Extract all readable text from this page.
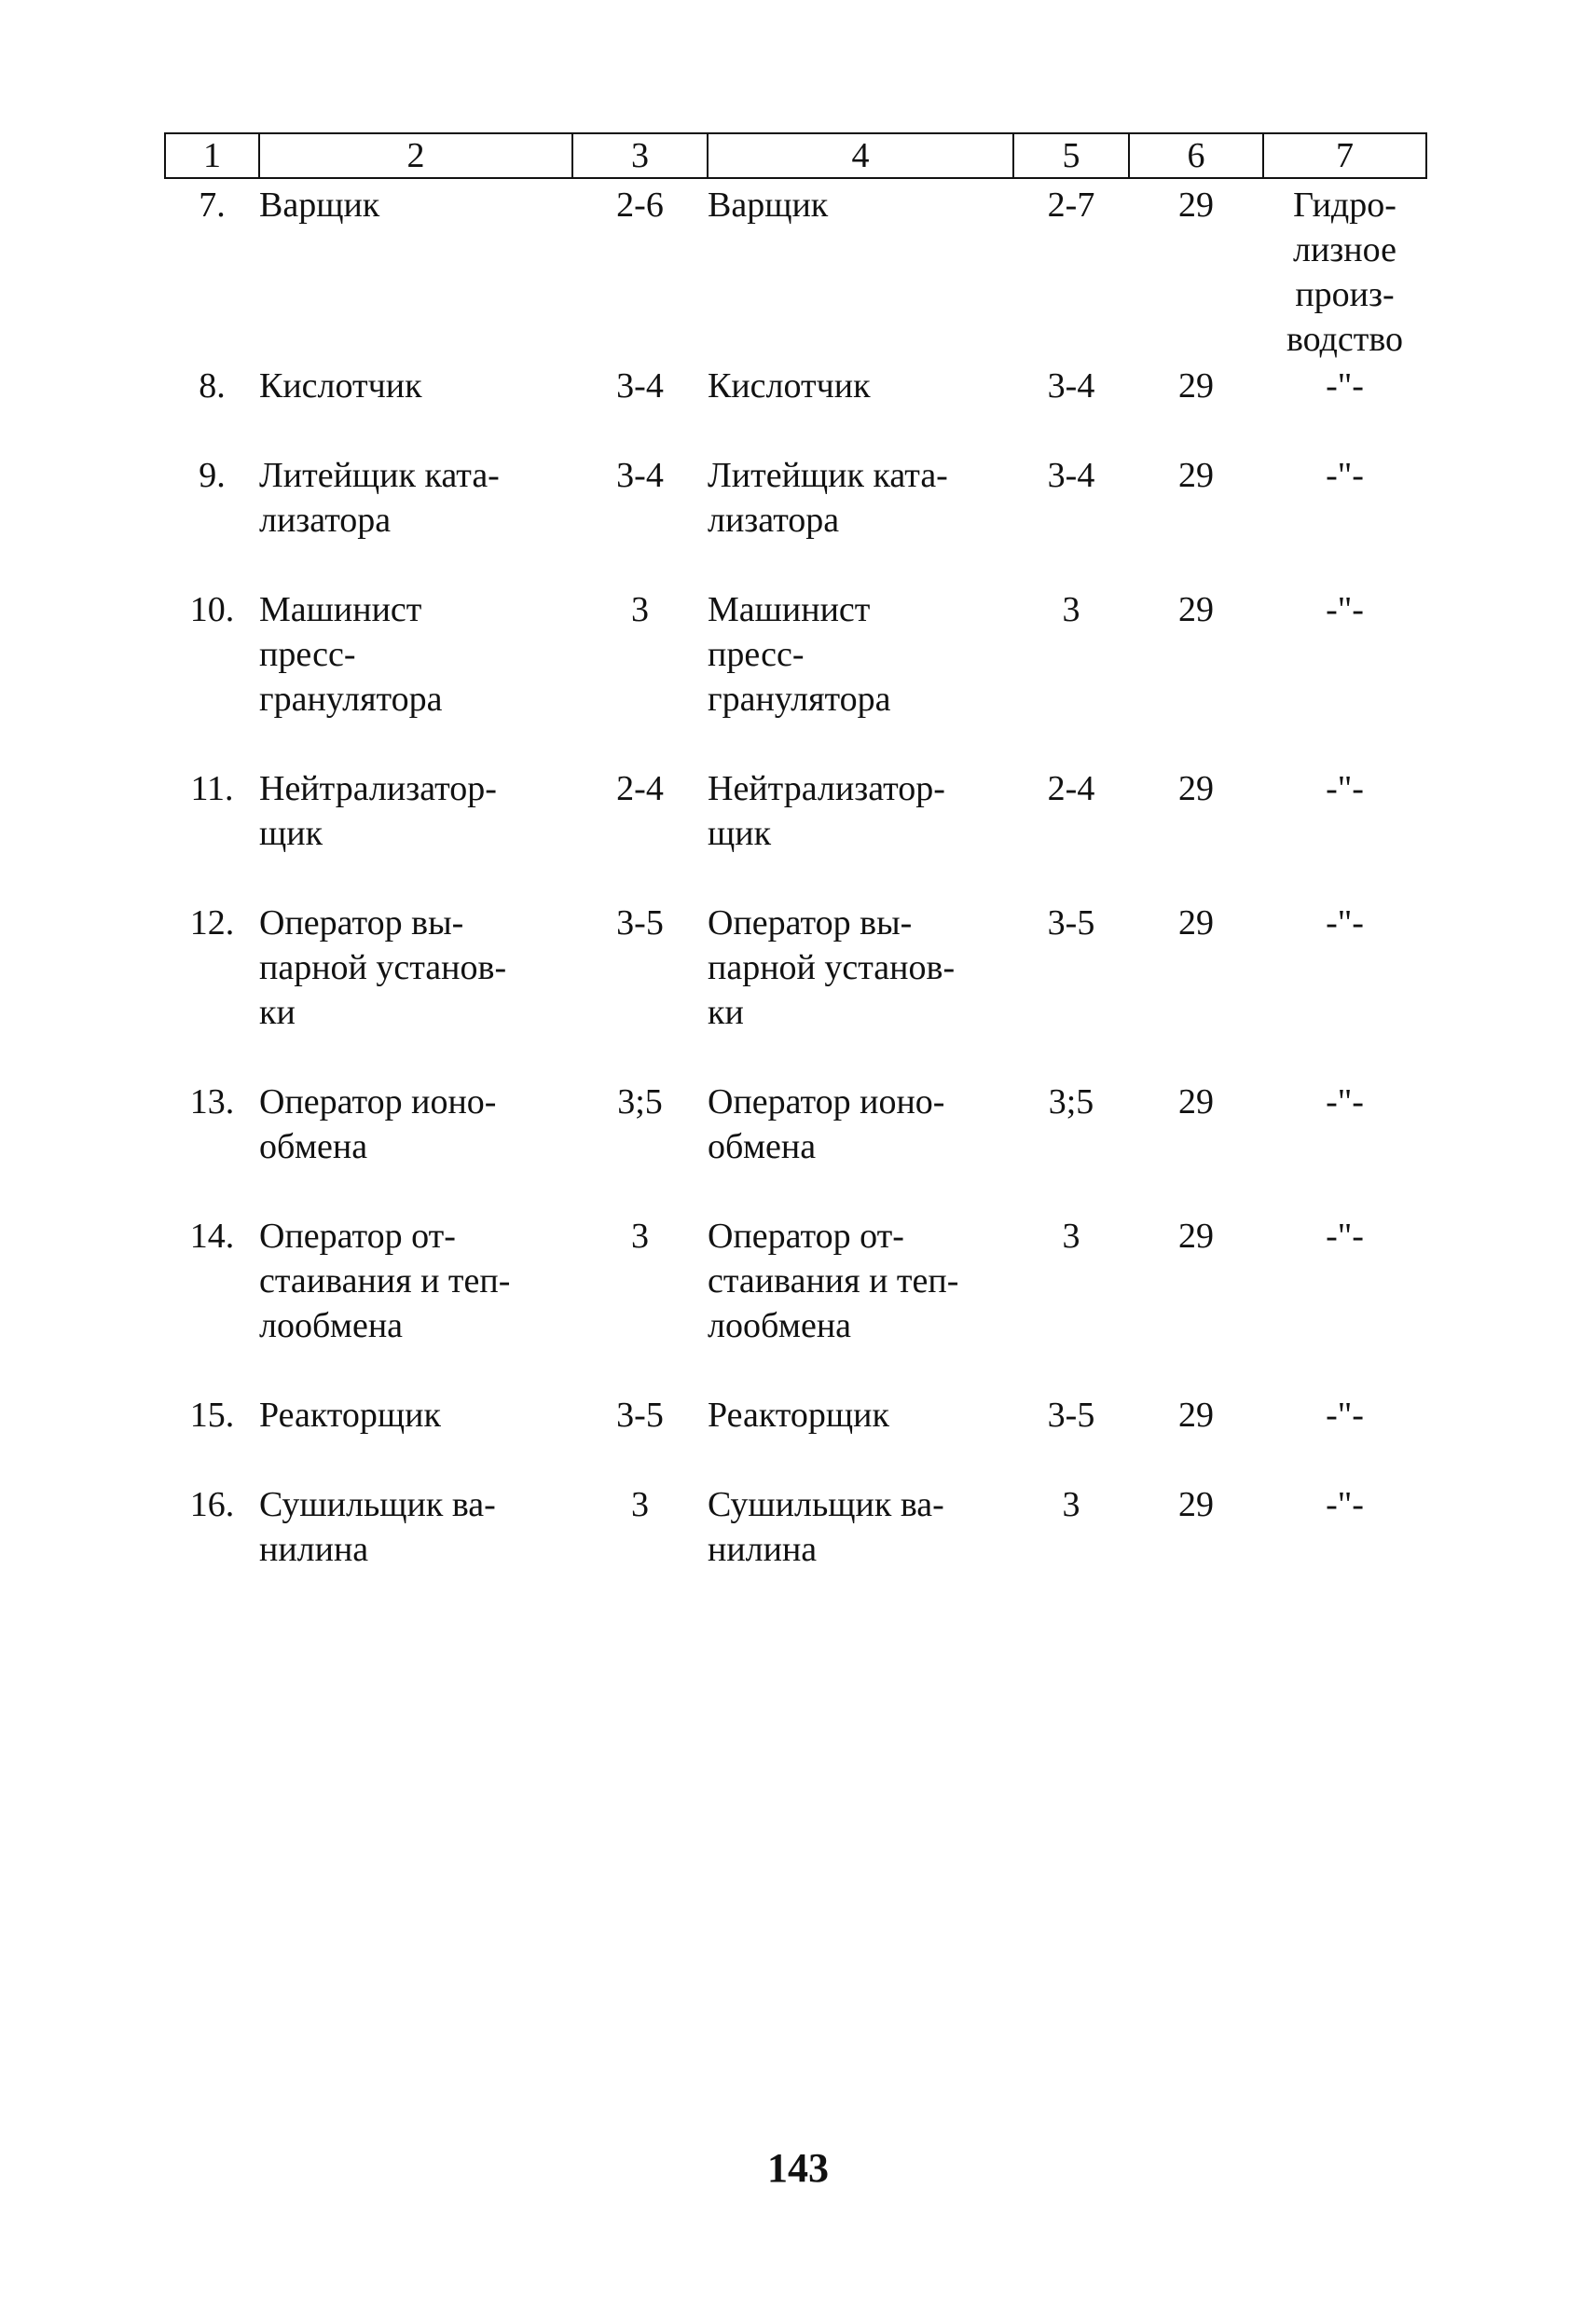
1	2	3	4	5	6	7
7.	Варщик	2-6	Варщик	2-7	29	Гидро-
лизное
произ-
водство
8.	Кислотчик	3-4	Кислотчик	3-4	29	-"-
9.	Литейщик ката-
лизатора	3-4	Литейщик ката-
лизатора	3-4	29	-"-
10.	Машинист
пресс-
гранулятора	3	Машинист
пресс-
гранулятора	3	29	-"-
11.	Нейтрализатор-
щик	2-4	Нейтрализатор-
щик	2-4	29	-"-
12.	Оператор вы-
парной установ-
ки	3-5	Оператор вы-
парной установ-
ки	3-5	29	-"-
13.	Оператор ионо-
обмена	3;5	Оператор ионо-
обмена	3;5	29	-"-
14.	Оператор от-
стаивания и теп-
лообмена	3	Оператор от-
стаивания и теп-
лообмена	3	29	-"-
15.	Реакторщик	3-5	Реакторщик	3-5	29	-"-
16.	Сушильщик ва-
нилина	3	Сушильщик ва-
нилина	3	29	-"-
143
